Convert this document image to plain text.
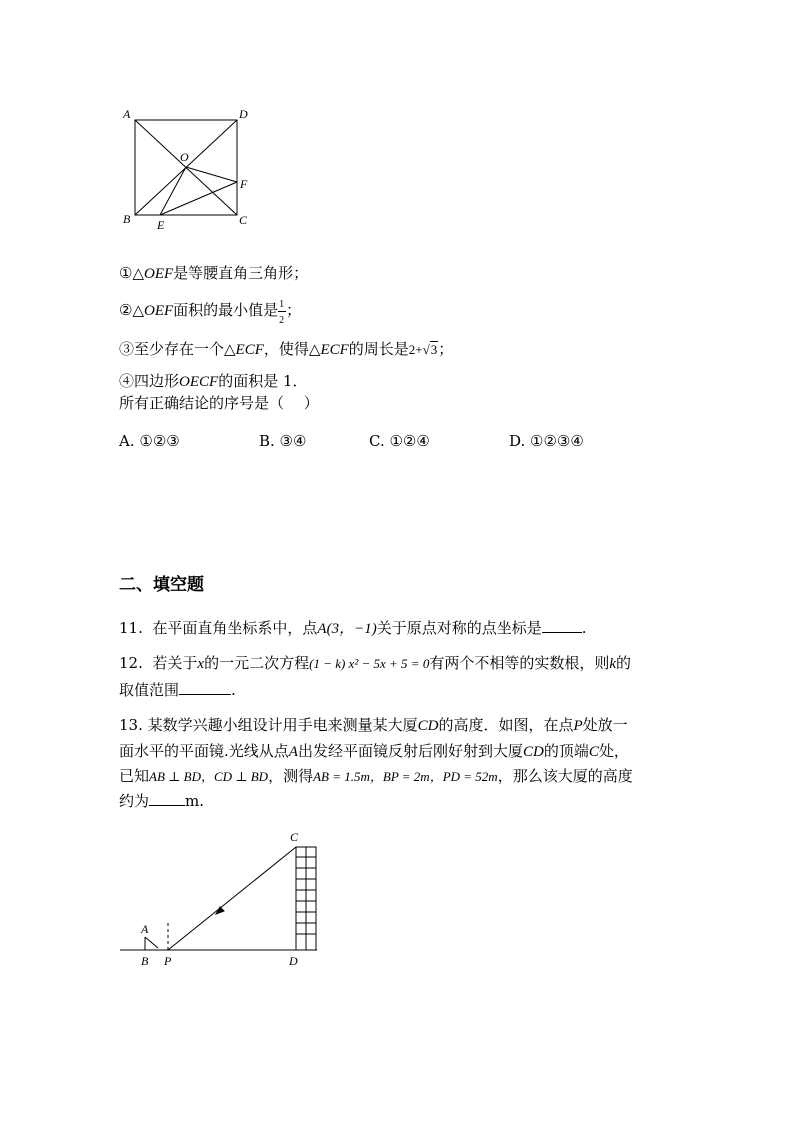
A	D
O
F
B E	C
①△OEF是等腰直角三角形；
②△OEF面积的最小值是 $\frac{1}{2}$ ；
③至少存在一个△ECF，使得△ECF的周长是2+√3；
④四边形OECF的面积是 1．
所有正确结论的序号是（　 ）
A. ①②③	B. ③④	C. ①②④	D. ①②③④
二、填空题
11. 在平面直角坐标系中，点A(3，−1)关于原点对称的点坐标是	.
12. 若关于x的一元二次方程(1 − k) x² − 5x + 5 = 0有两个不相等的实数根，则k的
取值范围	.
13. 某数学兴趣小组设计用手电来测量某大厦CD的高度．如图，在点P处放一
面水平的平面镜.光线从点A出发经平面镜反射后刚好射到大厦CD的顶端C处，
已知AB ⊥ BD，CD ⊥ BD，测得AB = 1.5m，BP = 2m，PD = 52m，那么该大厦的高度
约为 m.
C
A
B P	D
